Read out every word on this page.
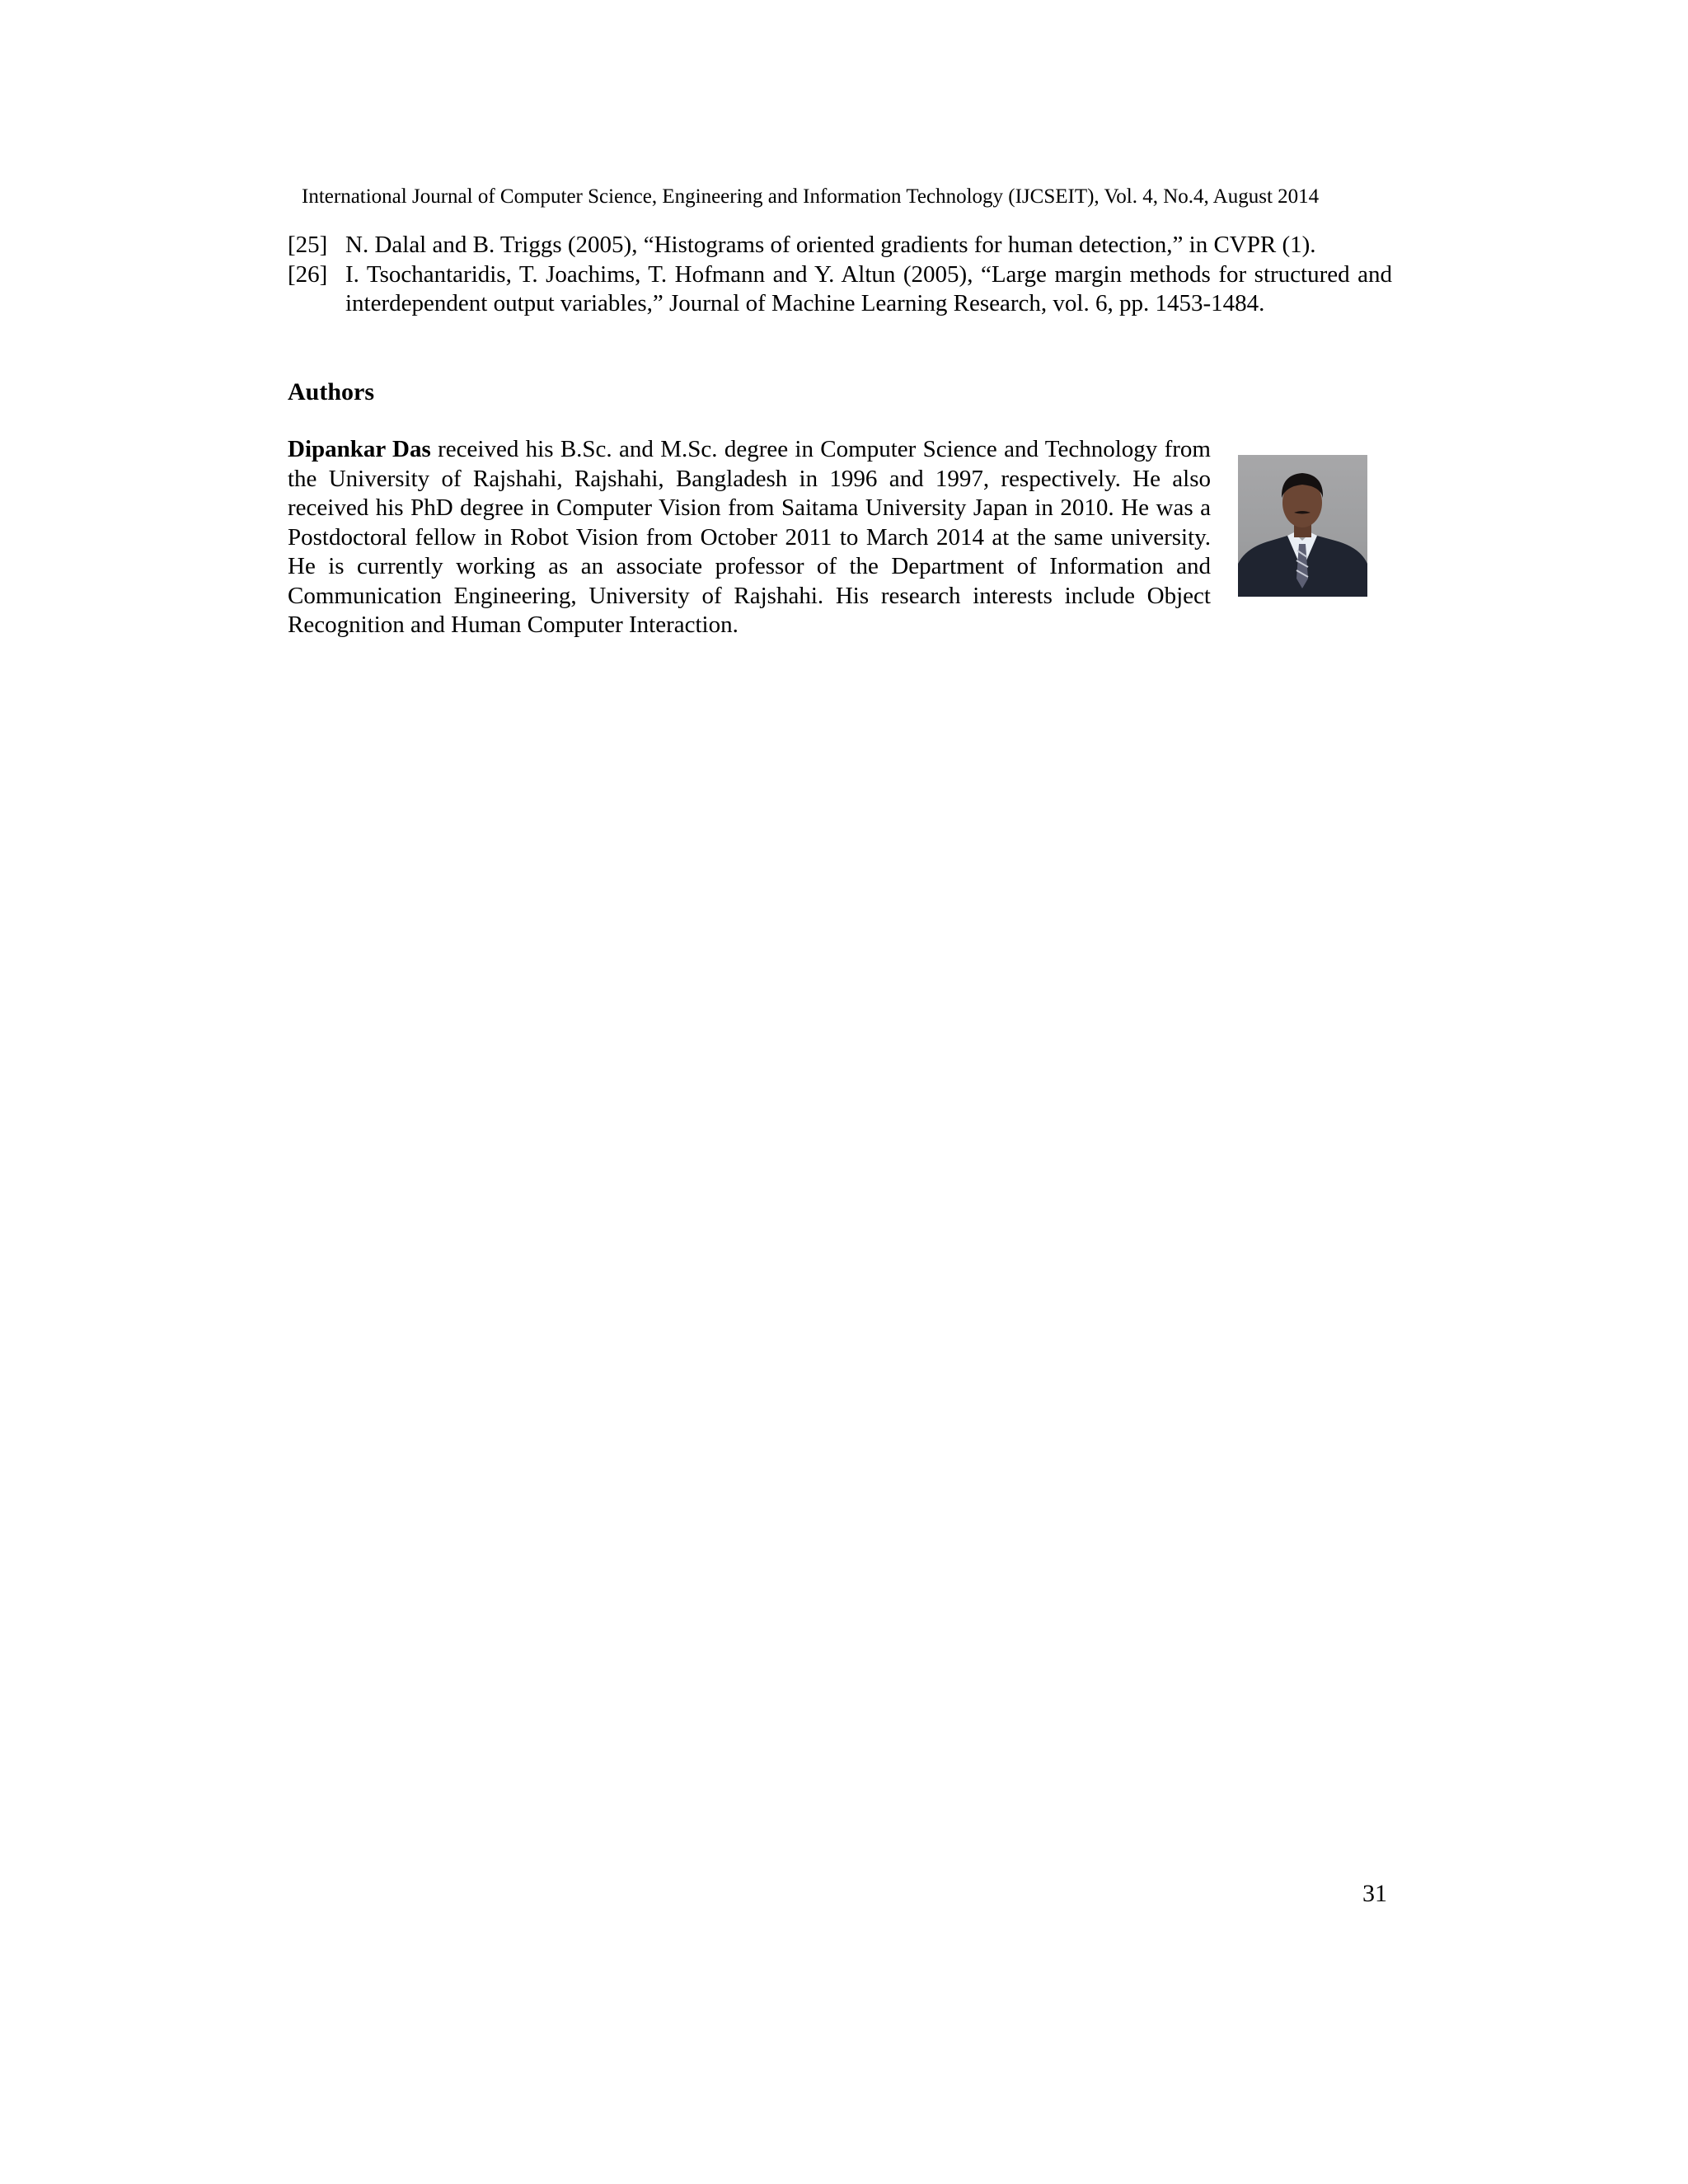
International Journal of Computer Science, Engineering and Information Technology (IJCSEIT), Vol. 4, No.4, August 2014
[25] N. Dalal and B. Triggs (2005), “Histograms of oriented gradients for human detection,” in CVPR (1).
[26] I. Tsochantaridis, T. Joachims, T. Hofmann and Y. Altun (2005), “Large margin methods for structured and interdependent output variables,” Journal of Machine Learning Research, vol. 6, pp. 1453-1484.
Authors

Dipankar Das received his B.Sc. and M.Sc. degree in Computer Science and Technology from the University of Rajshahi, Rajshahi, Bangladesh in 1996 and 1997, respectively. He also received his PhD degree in Computer Vision from Saitama University Japan in 2010. He was a Postdoctoral fellow in Robot Vision from October 2011 to March 2014 at the same university. He is currently working as an associate professor of the Department of Information and Communication Engineering, University of Rajshahi. His research interests include Object Recognition and Human Computer Interaction.

31
